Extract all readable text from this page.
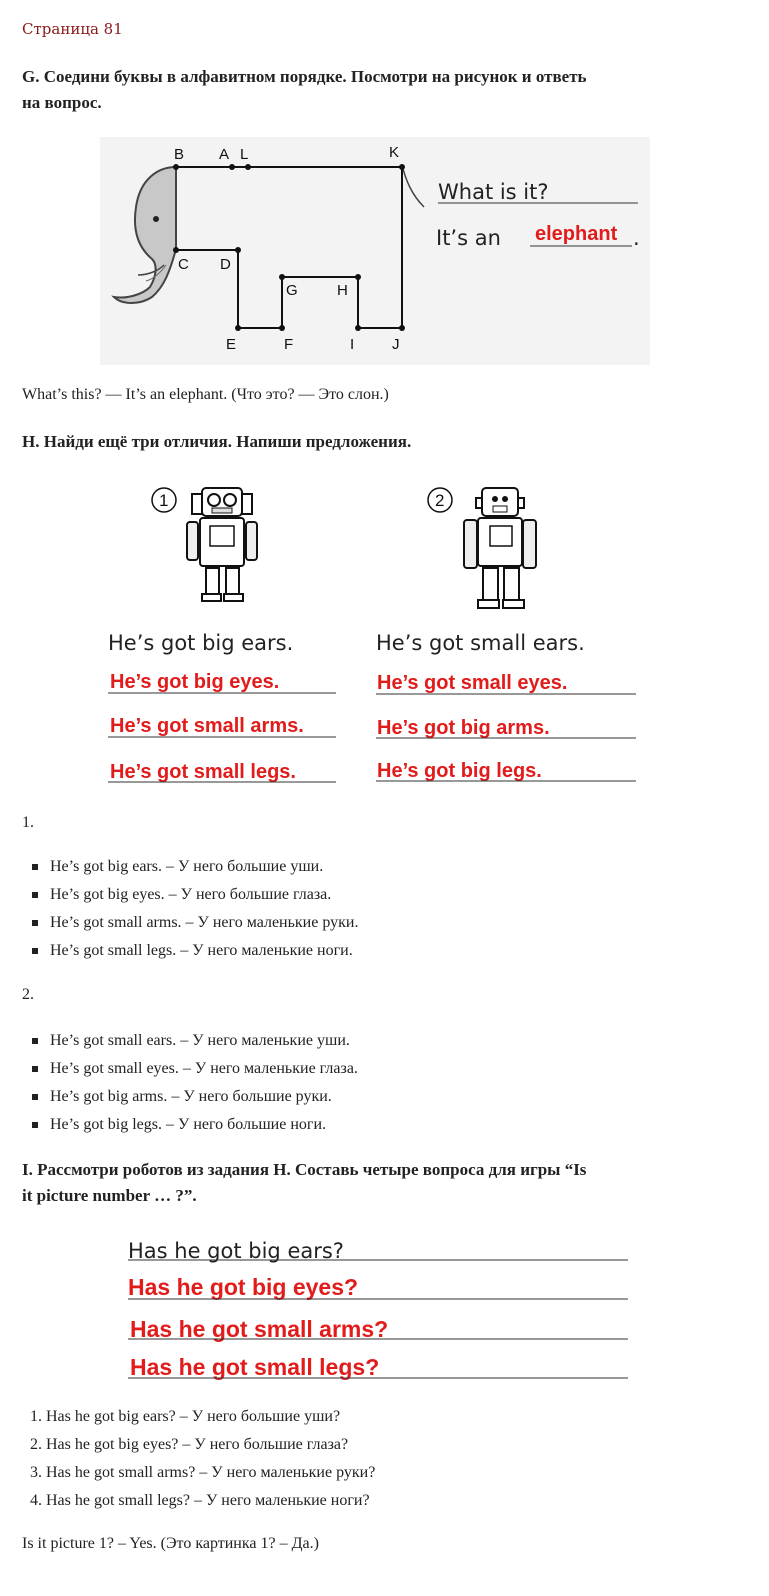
Страница 81
G. Соедини буквы в алфавитном порядке. Посмотри на рисунок и ответь
на вопрос.
B A L	K
C D
G	H
E	F	I	J
What is it?
It’s an elephant .
What’s this? — It’s an elephant. (Что это? — Это слон.)
H. Найди ещё три отличия. Напиши предложения.
1	2
He’s got big ears.
He’s got big eyes.
He’s got small arms.
He’s got small legs.
He’s got small ears.
He’s got small eyes.
He’s got big arms.
He’s got big legs.
1.
He’s got big ears. – У него большие уши.
He’s got big eyes. – У него большие глаза.
He’s got small arms. – У него маленькие руки.
He’s got small legs. – У него маленькие ноги.
2.
He’s got small ears. – У него маленькие уши.
He’s got small eyes. – У него маленькие глаза.
He’s got big arms. – У него большие руки.
He’s got big legs. – У него большие ноги.
I. Рассмотри роботов из задания H. Составь четыре вопроса для игры “Is
it picture number … ?”.
Has he got big ears?
Has he got big eyes?
Has he got small arms?
Has he got small legs?
1. Has he got big ears? – У него большие уши?
2. Has he got big eyes? – У него большие глаза?
3. Has he got small arms? – У него маленькие руки?
4. Has he got small legs? – У него маленькие ноги?
Is it picture 1? – Yes. (Это картинка 1? – Да.)
